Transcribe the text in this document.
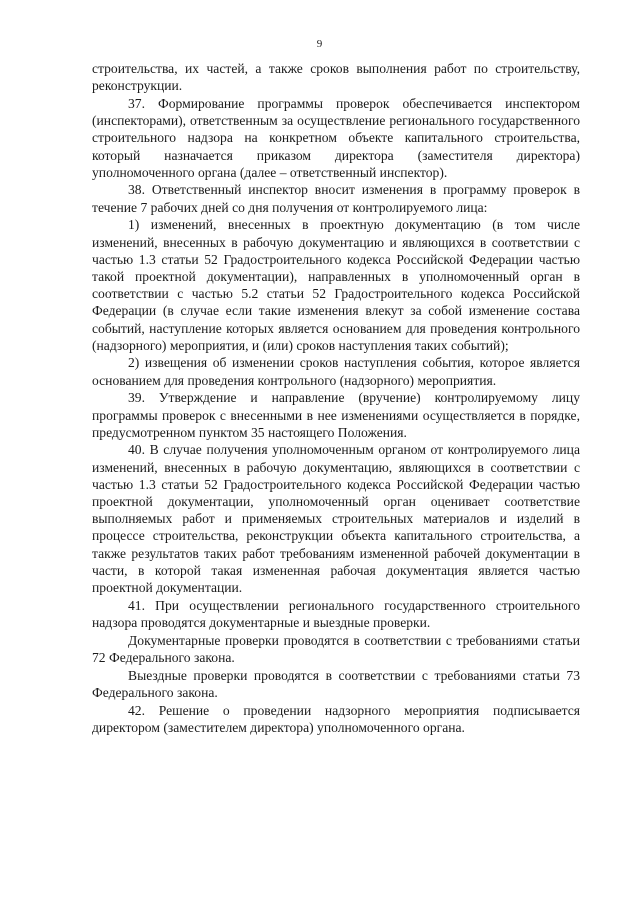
9

строительства, их частей, а также сроков выполнения работ по строительству, реконструкции.

37. Формирование программы проверок обеспечивается инспектором (инспекторами), ответственным за осуществление регионального государственного строительного надзора на конкретном объекте капитального строительства, который назначается приказом директора (заместителя директора) уполномоченного органа (далее – ответственный инспектор).

38. Ответственный инспектор вносит изменения в программу проверок в течение 7 рабочих дней со дня получения от контролируемого лица:

1) изменений, внесенных в проектную документацию (в том числе изменений, внесенных в рабочую документацию и являющихся в соответствии с частью 1.3 статьи 52 Градостроительного кодекса Российской Федерации частью такой проектной документации), направленных в уполномоченный орган в соответствии с частью 5.2 статьи 52 Градостроительного кодекса Российской Федерации (в случае если такие изменения влекут за собой изменение состава событий, наступление которых является основанием для проведения контрольного (надзорного) мероприятия, и (или) сроков наступления таких событий);

2) извещения об изменении сроков наступления события, которое является основанием для проведения контрольного (надзорного) мероприятия.

39. Утверждение и направление (вручение) контролируемому лицу программы проверок с внесенными в нее изменениями осуществляется в порядке, предусмотренном пунктом 35 настоящего Положения.

40. В случае получения уполномоченным органом от контролируемого лица изменений, внесенных в рабочую документацию, являющихся в соответствии с частью 1.3 статьи 52 Градостроительного кодекса Российской Федерации частью проектной документации, уполномоченный орган оценивает соответствие выполняемых работ и применяемых строительных материалов и изделий в процессе строительства, реконструкции объекта капитального строительства, а также результатов таких работ требованиям измененной рабочей документации в части, в которой такая измененная рабочая документация является частью проектной документации.

41. При осуществлении регионального государственного строительного надзора проводятся документарные и выездные проверки.

Документарные проверки проводятся в соответствии с требованиями статьи 72 Федерального закона.

Выездные проверки проводятся в соответствии с требованиями статьи 73 Федерального закона.

42. Решение о проведении надзорного мероприятия подписывается директором (заместителем директора) уполномоченного органа.
